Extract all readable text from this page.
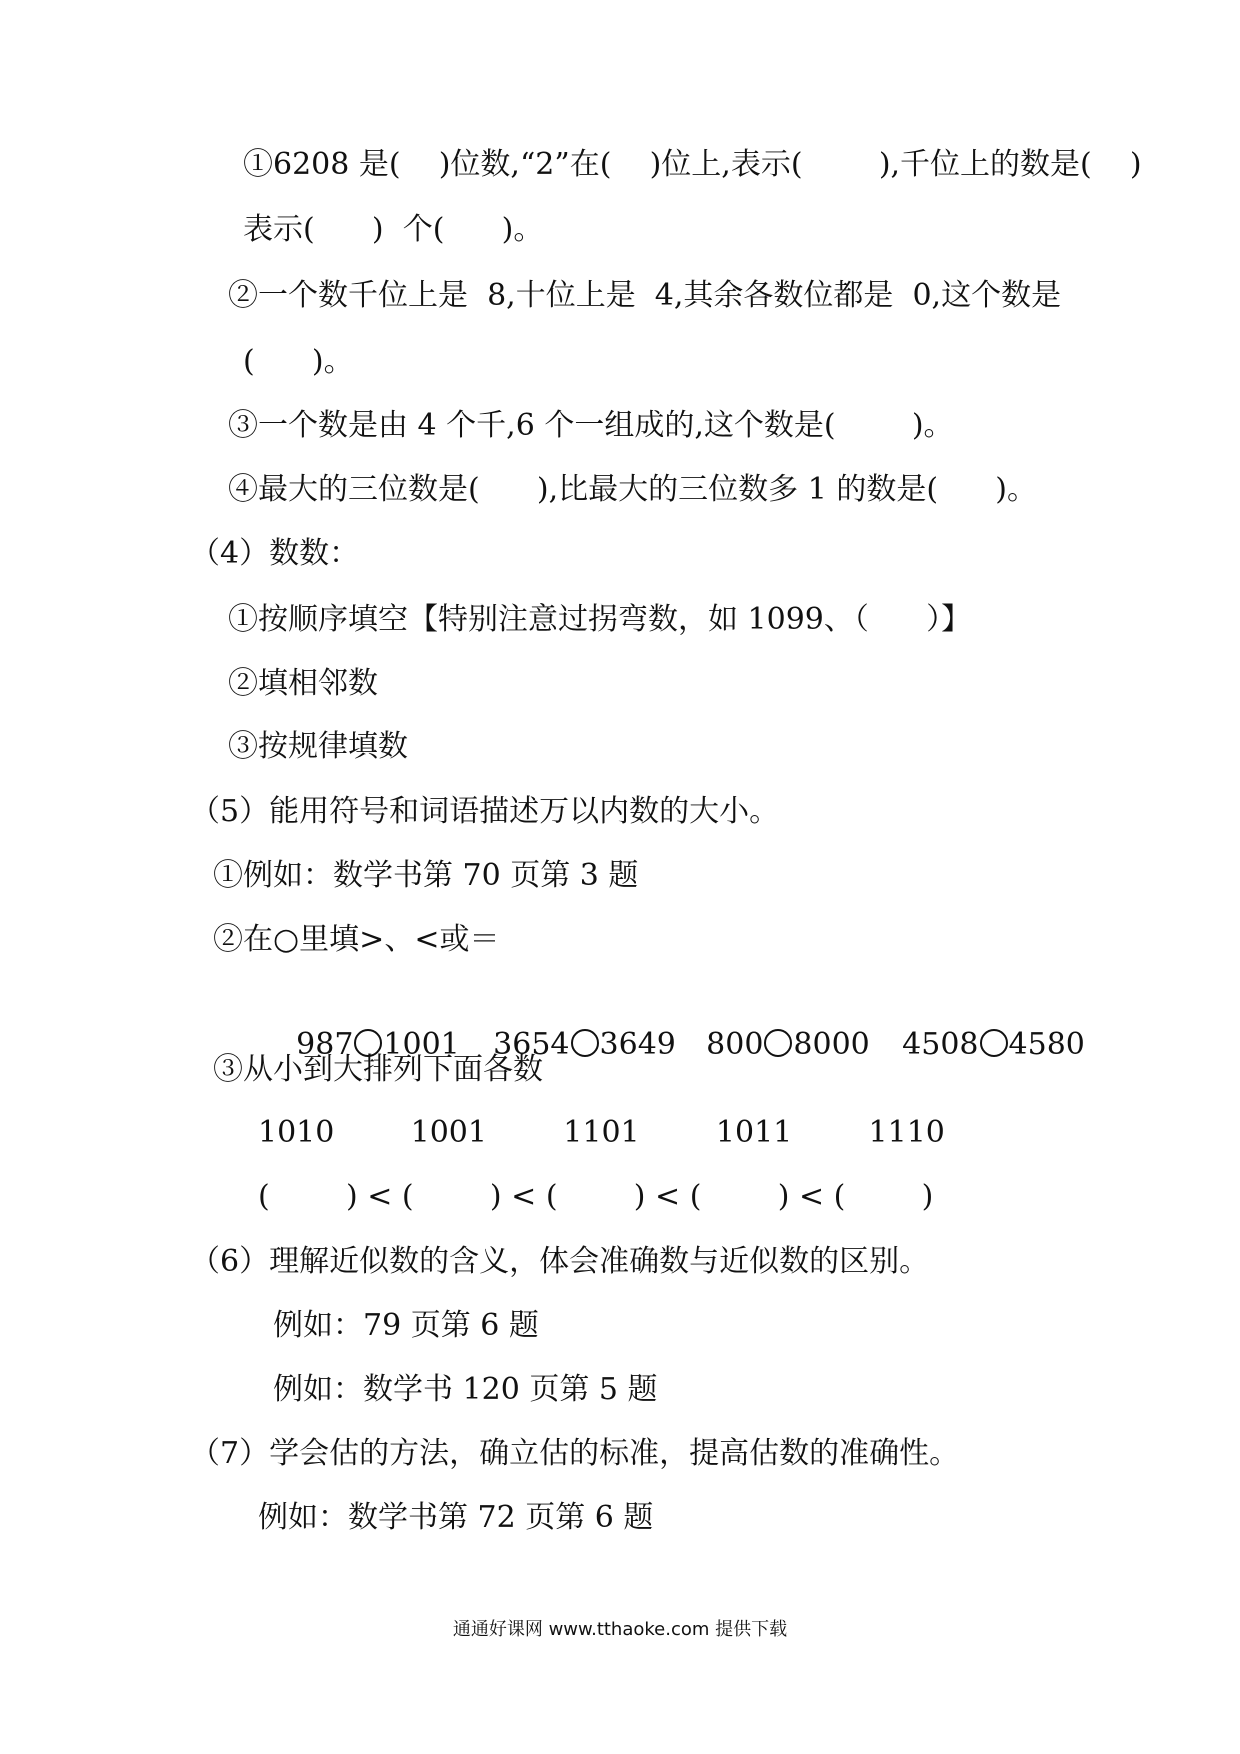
①6208 是(    )位数,“2”在(    )位上,表示(        ),千位上的数是(    )
表示(      )  个(      )。
②一个数千位上是  8,十位上是  4,其余各数位都是  0,这个数是
(      )。
③一个数是由 4 个千,6 个一组成的,这个数是(        )。
④最大的三位数是(      ),比最大的三位数多 1 的数是(      )。
（4）数数：
①按顺序填空【特别注意过拐弯数，如 1099、（      ）】
②填相邻数
③按规律填数
（5）能用符号和词语描述万以内数的大小。
①例如：数学书第 70 页第 3 题
②在○里填>、<或＝

987 1001
	3654 3649
	800 8000
	4508 4580

③从小到大排列下面各数
1010        1001        1101        1011        1110
(        ) < (        ) < (        ) < (        ) < (        )
（6）理解近似数的含义，体会准确数与近似数的区别。
例如：79 页第 6 题
例如：数学书 120 页第 5 题
（7）学会估的方法，确立估的标准，提高估数的准确性。
例如：数学书第 72 页第 6 题
通通好课网 www.tthaoke.com 提供下载
